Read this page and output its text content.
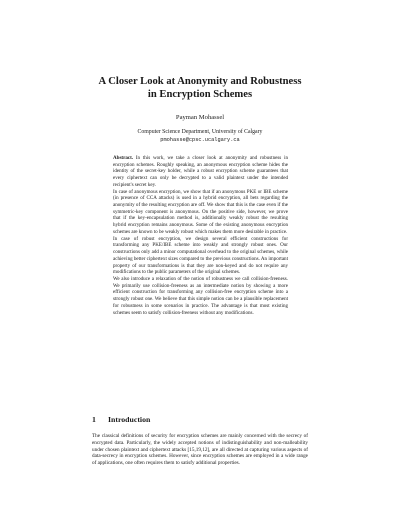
A Closer Look at Anonymity and Robustness
in Encryption Schemes
Payman Mohassel
Computer Science Department, University of Calgary
pmohasse@cpsc.ucalgary.ca

Abstract. In this work, we take a closer look at anonymity and robustness in encryption schemes. Roughly speaking, an anonymous encryption scheme hides the identity of the secret-key holder, while a robust encryption scheme guarantees that every ciphertext can only be decrypted to a valid plaintext under the intended recipient's secret key.

In case of anonymous encryption, we show that if an anonymous PKE or IBE scheme (in presence of CCA attacks) is used in a hybrid encryption, all bets regarding the anonymity of the resulting encryption are off. We show that this is the case even if the symmetric-key component is anonymous. On the positive side, however, we prove that if the key-encapsulation method is, additionally weakly robust the resulting hybrid encryption remains anonymous. Some of the existing anonymous encryption schemes are known to be weakly robust which makes them more desirable in practice.

In case of robust encryption, we design several efficient constructions for transforming any PKE/IBE scheme into weakly and strongly robust ones. Our constructions only add a minor computational overhead to the original schemes, while achieving better ciphertext sizes compared to the previous constructions. An important property of our transformations is that they are non-keyed and do not require any modifications to the public parameters of the original schemes.

We also introduce a relaxation of the notion of robustness we call collision-freeness. We primarily use collision-freeness as an intermediate notion by showing a more efficient construction for transforming any collision-free encryption scheme into a strongly robust one. We believe that this simple notion can be a plausible replacement for robustness in some scenarios in practice. The advantage is that most existing schemes seem to satisfy collision-freeness without any modifications.

1 Introduction

The classical definitions of security for encryption schemes are mainly concerned with the secrecy of encrypted data. Particularly, the widely accepted notions of indistinguishability and non-malleability under chosen plaintext and ciphertext attacks [15,19,12], are all directed at capturing various aspects of data-secrecy in encryption schemes. However, since encryption schemes are employed in a wide range of applications, one often requires them to satisfy additional properties.
